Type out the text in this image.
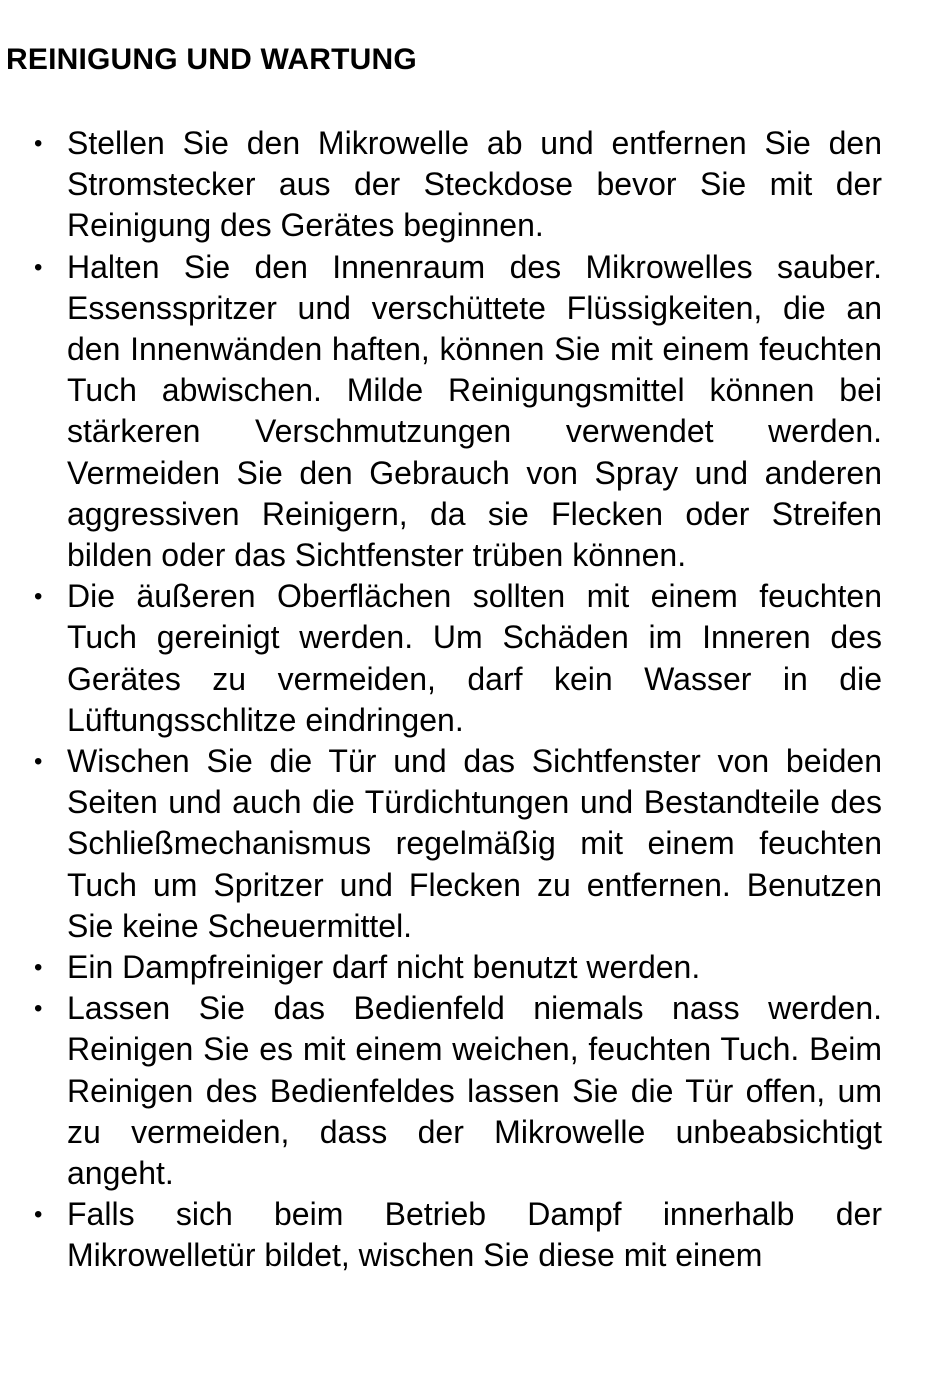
REINIGUNG UND WARTUNG
• Stellen Sie den Mikrowelle ab und entfernen Sie den Stromstecker aus der Steckdose bevor Sie mit der Reinigung des Gerätes beginnen.
• Halten Sie den Innenraum des Mikrowelles sauber. Essensspritzer und verschüttete Flüssigkeiten, die an den Innenwänden haften, können Sie mit einem feuchten Tuch abwischen. Milde Reinigungsmittel können bei stärkeren Verschmutzungen verwendet werden. Vermeiden Sie den Gebrauch von Spray und anderen aggressiven Reinigern, da sie Flecken oder Streifen bilden oder das Sichtfenster trüben können.
• Die äußeren Oberflächen sollten mit einem feuchten Tuch gereinigt werden. Um Schäden im Inneren des Gerätes zu vermeiden, darf kein Wasser in die Lüftungsschlitze eindringen.
• Wischen Sie die Tür und das Sichtfenster von beiden Seiten und auch die Türdichtungen und Bestandteile des Schließmechanismus regelmäßig mit einem feuchten Tuch um Spritzer und Flecken zu entfernen. Benutzen Sie keine Scheuermittel.
• Ein Dampfreiniger darf nicht benutzt werden.
• Lassen Sie das Bedienfeld niemals nass werden. Reinigen Sie es mit einem weichen, feuchten Tuch. Beim Reinigen des Bedienfeldes lassen Sie die Tür offen, um zu vermeiden, dass der Mikrowelle unbeabsichtigt angeht.
• Falls sich beim Betrieb Dampf innerhalb der Mikrowelletür bildet, wischen Sie diese mit einem
